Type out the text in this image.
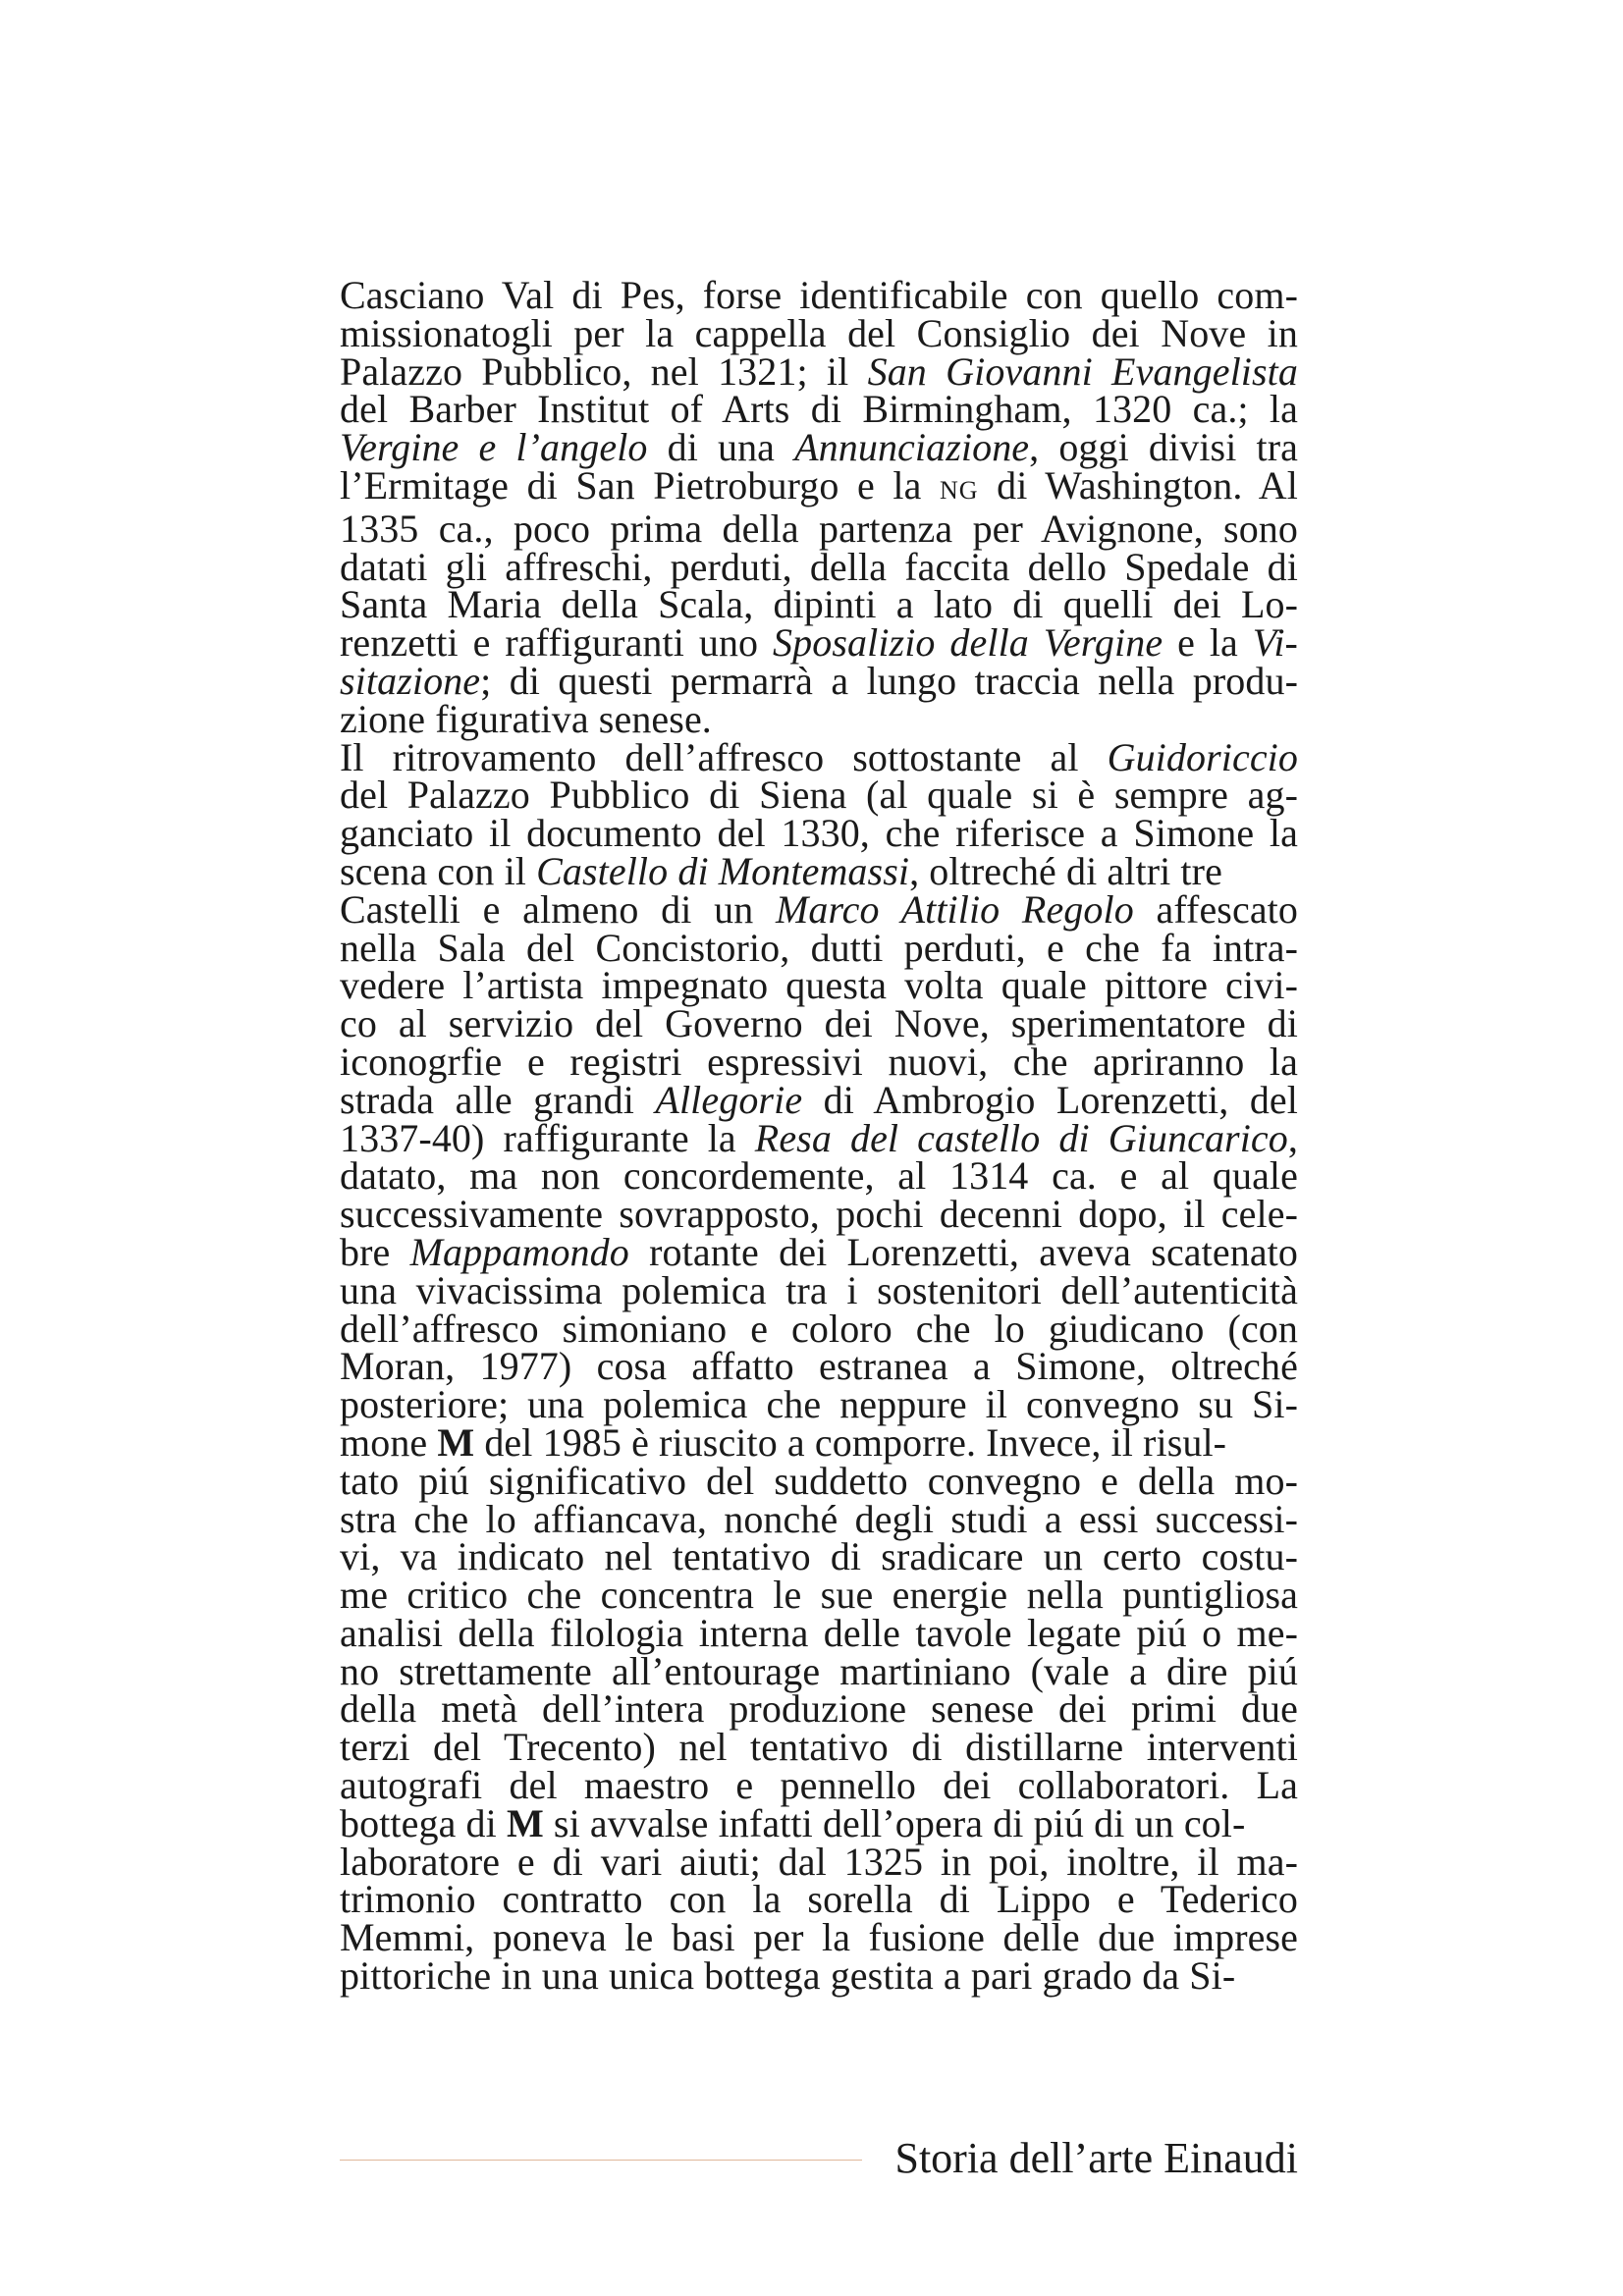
Casciano Val di Pes, forse identificabile con quello com-
missionatogli per la cappella del Consiglio dei Nove in
Palazzo Pubblico, nel 1321; il San Giovanni Evangelista
del Barber Institut of Arts di Birmingham, 1320 ca.; la
Vergine e l’angelo di una Annunciazione, oggi divisi tra
l’Ermitage di San Pietroburgo e la NG di Washington. Al
1335 ca., poco prima della partenza per Avignone, sono
datati gli affreschi, perduti, della faccita dello Spedale di
Santa Maria della Scala, dipinti a lato di quelli dei Lo-
renzetti e raffiguranti uno Sposalizio della Vergine e la Vi-
sitazione; di questi permarrà a lungo traccia nella produ-
zione figurativa senese.
Il ritrovamento dell’affresco sottostante al Guidoriccio
del Palazzo Pubblico di Siena (al quale si è sempre ag-
ganciato il documento del 1330, che riferisce a Simone la
scena con il Castello di Montemassi, oltreché di altri tre
Castelli e almeno di un Marco Attilio Regolo affescato
nella Sala del Concistorio, dutti perduti, e che fa intra-
vedere l’artista impegnato questa volta quale pittore civi-
co al servizio del Governo dei Nove, sperimentatore di
iconogrfie e registri espressivi nuovi, che apriranno la
strada alle grandi Allegorie di Ambrogio Lorenzetti, del
1337-40) raffigurante la Resa del castello di Giuncarico,
datato, ma non concordemente, al 1314 ca. e al quale
successivamente sovrapposto, pochi decenni dopo, il cele-
bre Mappamondo rotante dei Lorenzetti, aveva scatenato
una vivacissima polemica tra i sostenitori dell’autenticità
dell’affresco simoniano e coloro che lo giudicano (con
Moran, 1977) cosa affatto estranea a Simone, oltreché
posteriore; una polemica che neppure il convegno su Si-
mone M del 1985 è riuscito a comporre. Invece, il risul-
tato piú significativo del suddetto convegno e della mo-
stra che lo affiancava, nonché degli studi a essi successi-
vi, va indicato nel tentativo di sradicare un certo costu-
me critico che concentra le sue energie nella puntigliosa
analisi della filologia interna delle tavole legate piú o me-
no strettamente all’entourage martiniano (vale a dire piú
della metà dell’intera produzione senese dei primi due
terzi del Trecento) nel tentativo di distillarne interventi
autografi del maestro e pennello dei collaboratori. La
bottega di M si avvalse infatti dell’opera di piú di un col-
laboratore e di vari aiuti; dal 1325 in poi, inoltre, il ma-
trimonio contratto con la sorella di Lippo e Tederico
Memmi, poneva le basi per la fusione delle due imprese
pittoriche in una unica bottega gestita a pari grado da Si-
Storia dell’arte Einaudi
